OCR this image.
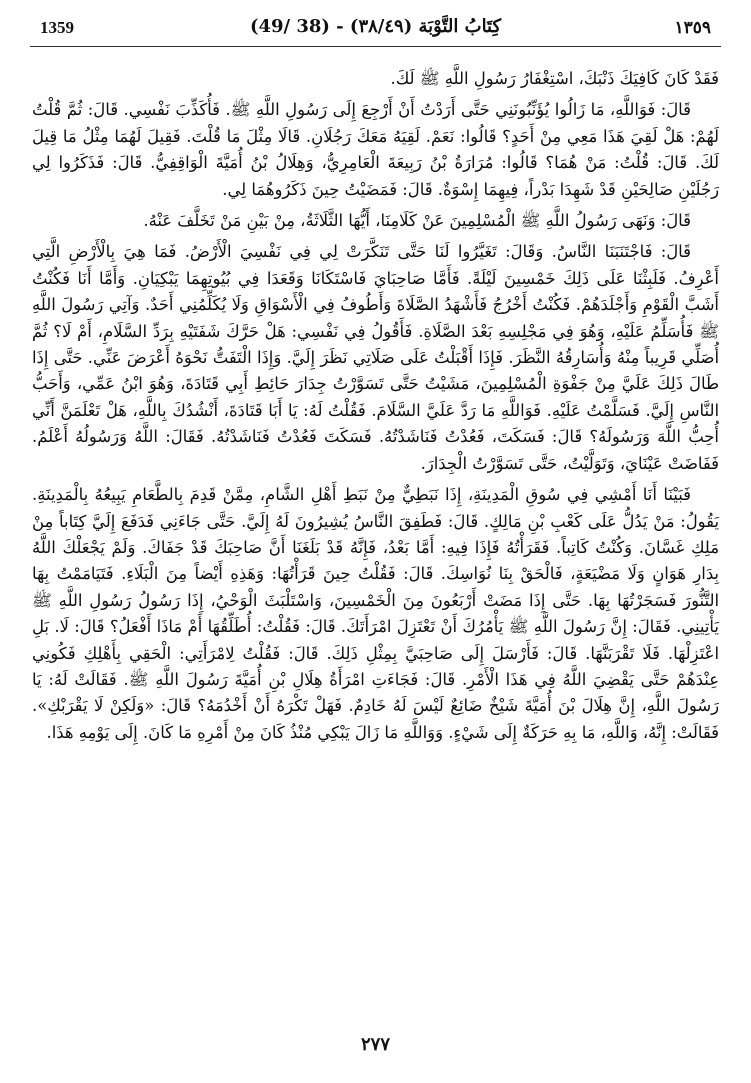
1359	(49/ 38) - كِتَابُ التَّوْبَة (٣٨/٤٩)	١٣٥٩

فَقَدْ كَانَ كَافِيَكَ ذَنْبَكَ، اسْتِغْفَارُ رَسُولِ اللَّهِ ﷺ لَكَ.

قَالَ: فَوَاللَّهِ، مَا زَالُوا يُؤَنِّبُونَنِي حَتَّى أَرَدْتُ أَنْ أَرْجِعَ إِلَى رَسُولِ اللَّهِ ﷺ. فَأُكَذِّبَ نَفْسِي. قَالَ: ثُمَّ قُلْتُ لَهُمْ: هَلْ لَقِيَ هَذَا مَعِي مِنْ أَحَدٍ؟ قَالُوا: نَعَمْ. لَقِيَهُ مَعَكَ رَجُلَانِ. قَالَا مِثْلَ مَا قُلْتَ. فَقِيلَ لَهُمَا مِثْلُ مَا قِيلَ لَكَ. قَالَ: قُلْتُ: مَنْ هُمَا؟ قَالُوا: مُرَارَةُ بْنُ رَبِيعَةَ الْعَامِرِيُّ، وَهِلَالُ بْنُ أُمَيَّةَ الْوَاقِفِيُّ. قَالَ: فَذَكَرُوا لِي رَجُلَيْنِ صَالِحَيْنِ قَدْ شَهِدَا بَدْراً، فِيهِمَا إِسْوَةٌ. قَالَ: فَمَضَيْتُ حِينَ ذَكَرُوهُمَا لِي.

قَالَ: وَنَهَى رَسُولُ اللَّهِ ﷺ الْمُسْلِمِينَ عَنْ كَلَامِنَا، أَيُّهَا الثَّلَاثَةُ، مِنْ بَيْنِ مَنْ تَخَلَّفَ عَنْهُ.

قَالَ: فَاجْتَنَبَنَا النَّاسُ. وَقَالَ: تَغَيَّرُوا لَنَا حَتَّى تَنَكَّرَتْ لِي فِي نَفْسِيَ الْأَرْضُ. فَمَا هِيَ بِالْأَرْضِ الَّتِي أَعْرِفُ. فَلَبِثْنَا عَلَى ذَلِكَ خَمْسِينَ لَيْلَةً. فَأَمَّا صَاحِبَايَ فَاسْتَكَانَا وَقَعَدَا فِي بُيُوتِهِمَا يَبْكِيَانِ. وَأَمَّا أَنَا فَكُنْتُ أَشَبَّ الْقَوْمِ وَأَجْلَدَهُمْ. فَكُنْتُ أَخْرُجُ فَأَشْهَدُ الصَّلَاةَ وَأَطُوفُ فِي الْأَسْوَاقِ وَلَا يُكَلِّمُنِي أَحَدٌ. وَآتِي رَسُولَ اللَّهِ ﷺ فَأُسَلِّمُ عَلَيْهِ، وَهُوَ فِي مَجْلِسِهِ بَعْدَ الصَّلَاةِ. فَأَقُولُ فِي نَفْسِي: هَلْ حَرَّكَ شَفَتَيْهِ بِرَدِّ السَّلَامِ، أَمْ لَا؟ ثُمَّ أُصَلِّي قَرِيباً مِنْهُ وَأُسَارِقُهُ النَّظَرَ. فَإِذَا أَقْبَلْتُ عَلَى صَلَاتِي نَظَرَ إِلَيَّ. وَإِذَا الْتَفَتُّ نَحْوَهُ أَعْرَضَ عَنِّي. حَتَّى إِذَا طَالَ ذَلِكَ عَلَيَّ مِنْ جَفْوَةِ الْمُسْلِمِينَ، مَشَيْتُ حَتَّى تَسَوَّرْتُ جِدَارَ حَائِطِ أَبِي قَتَادَةَ، وَهُوَ ابْنُ عَمِّي، وَأَحَبُّ النَّاسِ إِلَيَّ. فَسَلَّمْتُ عَلَيْهِ. فَوَاللَّهِ مَا رَدَّ عَلَيَّ السَّلَامَ. فَقُلْتُ لَهُ: يَا أَبَا قَتَادَةَ، أَنْشُدُكَ بِاللَّهِ، هَلْ تَعْلَمَنَّ أَنِّي أُحِبُّ اللَّهَ وَرَسُولَهُ؟ قَالَ: فَسَكَتَ، فَعُدْتُ فَنَاشَدْتُهُ. فَسَكَتَ فَعُدْتُ فَنَاشَدْتُهُ. فَقَالَ: اللَّهُ وَرَسُولُهُ أَعْلَمُ. فَفَاضَتْ عَيْنَايَ، وَتَوَلَّيْتُ، حَتَّى تَسَوَّرْتُ الْجِدَارَ.

فَبَيْنَا أَنَا أَمْشِي فِي سُوقِ الْمَدِينَةِ، إِذَا نَبَطِيٌّ مِنْ نَبَطِ أَهْلِ الشَّامِ، مِمَّنْ قَدِمَ بِالطَّعَامِ يَبِيعُهُ بِالْمَدِينَةِ. يَقُولُ: مَنْ يَدُلُّ عَلَى كَعْبِ بْنِ مَالِكٍ. قَالَ: فَطَفِقَ النَّاسُ يُشِيرُونَ لَهُ إِلَيَّ. حَتَّى جَاءَنِي فَدَفَعَ إِلَيَّ كِتَاباً مِنْ مَلِكِ غَسَّانَ. وَكُنْتُ كَاتِباً. فَقَرَأْتُهُ فَإِذَا فِيهِ: أَمَّا بَعْدُ، فَإِنَّهُ قَدْ بَلَغَنَا أَنَّ صَاحِبَكَ قَدْ جَفَاكَ. وَلَمْ يَجْعَلْكَ اللَّهُ بِدَارِ هَوَانٍ وَلَا مَضْيَعَةٍ، فَالْحَقْ بِنَا نُوَاسِكَ. قَالَ: فَقُلْتُ حِينَ قَرَأْتُهَا: وَهَذِهِ أَيْضاً مِنَ الْبَلَاءِ. فَتَيَامَمْتُ بِهَا التَّنُّورَ فَسَجَرْتُهَا بِهَا. حَتَّى إِذَا مَضَتْ أَرْبَعُونَ مِنَ الْخَمْسِينَ، وَاسْتَلْبَثَ الْوَحْيُ، إِذَا رَسُولُ رَسُولِ اللَّهِ ﷺ يَأْتِينِي. فَقَالَ: إِنَّ رَسُولَ اللَّهِ ﷺ يَأْمُرُكَ أَنْ تَعْتَزِلَ امْرَأَتَكَ. قَالَ: فَقُلْتُ: أُطَلِّقُهَا أَمْ مَاذَا أَفْعَلُ؟ قَالَ: لَا. بَلِ اعْتَزِلْهَا. فَلَا تَقْرَبَنَّهَا. قَالَ: فَأَرْسَلَ إِلَى صَاحِبَيَّ بِمِثْلِ ذَلِكَ. قَالَ: فَقُلْتُ لِامْرَأَتِي: الْحَقِي بِأَهْلِكِ فَكُونِي عِنْدَهُمْ حَتَّى يَقْضِيَ اللَّهُ فِي هَذَا الْأَمْرِ. قَالَ: فَجَاءَتِ امْرَأَةُ هِلَالِ بْنِ أُمَيَّةَ رَسُولَ اللَّهِ ﷺ. فَقَالَتْ لَهُ: يَا رَسُولَ اللَّهِ، إِنَّ هِلَالَ بْنَ أُمَيَّةَ شَيْخٌ ضَائِعٌ لَيْسَ لَهُ خَادِمٌ. فَهَلْ تَكْرَهُ أَنْ أَخْدُمَهُ؟ قَالَ: «وَلَكِنْ لَا يَقْرَبْكِ». فَقَالَتْ: إِنَّهُ، وَاللَّهِ، مَا بِهِ حَرَكَةٌ إِلَى شَيْءٍ. وَوَاللَّهِ مَا زَالَ يَبْكِي مُنْذُ كَانَ مِنْ أَمْرِهِ مَا كَانَ. إِلَى يَوْمِهِ هَذَا.

٢٧٧
